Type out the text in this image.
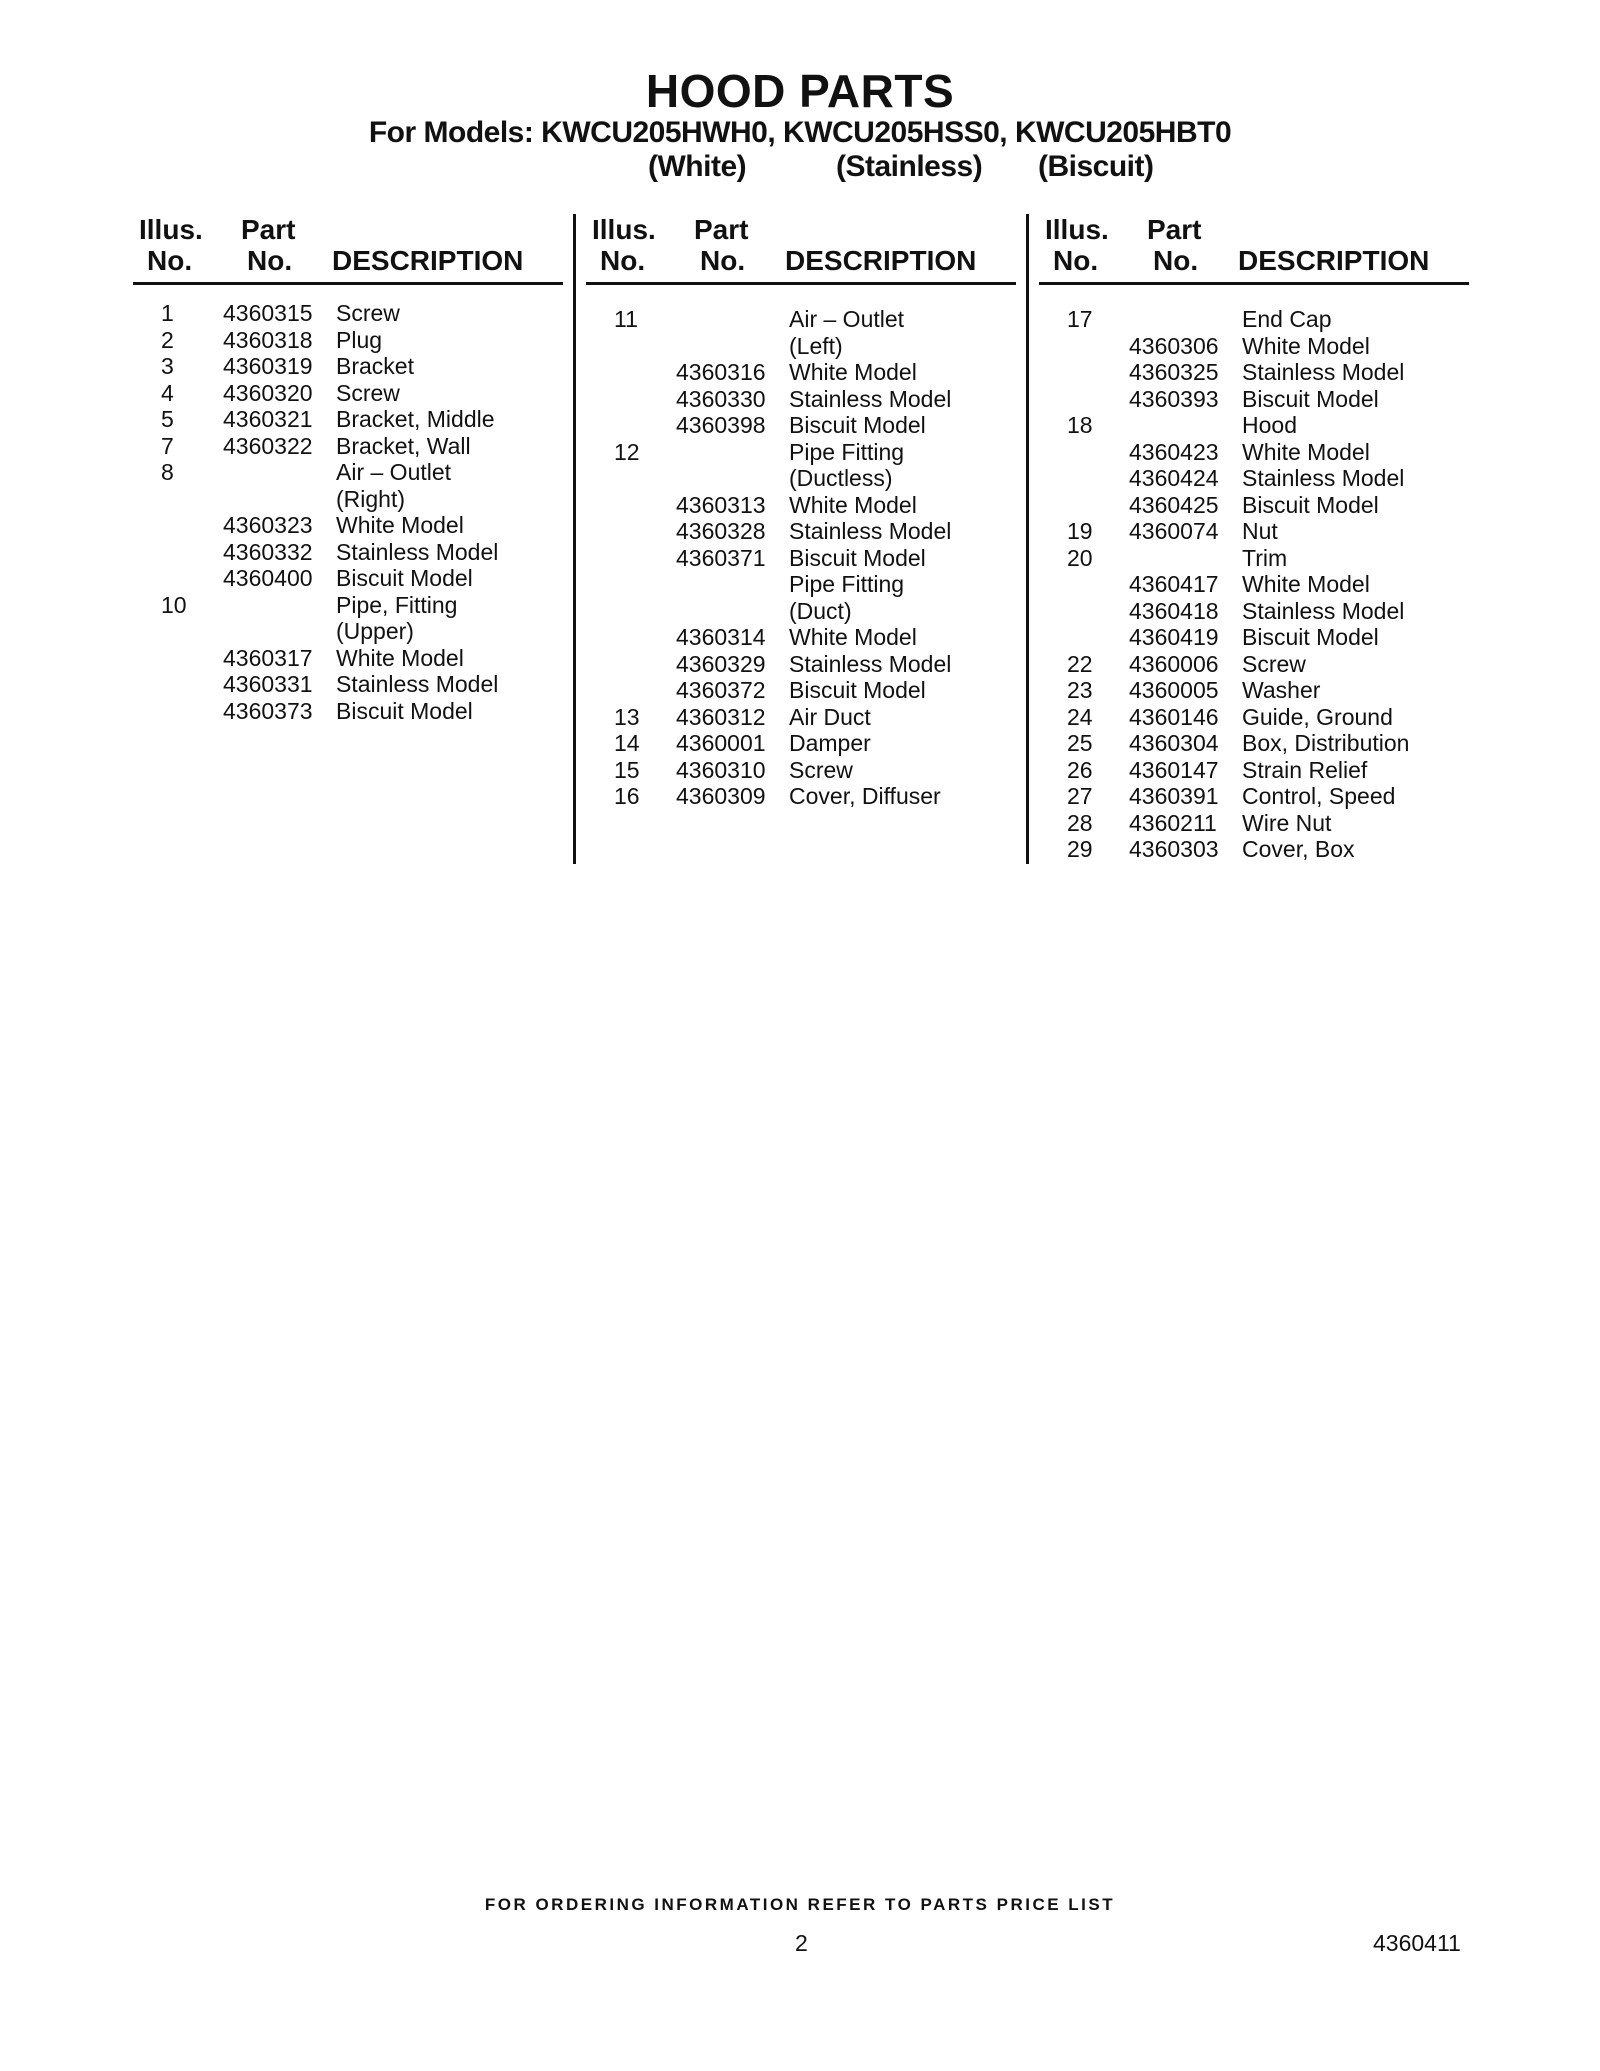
HOOD PARTS
For Models: KWCU205HWH0, KWCU205HSS0, KWCU205HBT0
(White)	(Stainless) (Biscuit)
Illus.
No.
Part
No. DESCRIPTION
1 4360315 Screw
2 4360318 Plug
3 4360319 Bracket
4 4360320 Screw
5 4360321 Bracket, Middle
7 4360322 Bracket, Wall
8	Air – Outlet
(Right)
4360323 White Model
4360332 Stainless Model
4360400 Biscuit Model
10	Pipe, Fitting
(Upper)
4360317 White Model
4360331 Stainless Model
4360373 Biscuit Model
Illus.
No.
Part
No. DESCRIPTION
11	Air – Outlet
(Left)
4360316 White Model
4360330 Stainless Model
4360398 Biscuit Model
12	Pipe Fitting
(Ductless)
4360313 White Model
4360328 Stainless Model
4360371 Biscuit Model
Pipe Fitting
(Duct)
4360314 White Model
4360329 Stainless Model
4360372 Biscuit Model
13 4360312 Air Duct
14 4360001 Damper
15 4360310 Screw
16 4360309 Cover, Diffuser
Illus.
No.
Part
No. DESCRIPTION
17	End Cap
4360306 White Model
4360325 Stainless Model
4360393 Biscuit Model
18	Hood
4360423 White Model
4360424 Stainless Model
4360425 Biscuit Model
19 4360074 Nut
20	Trim
4360417 White Model
4360418 Stainless Model
4360419 Biscuit Model
22 4360006 Screw
23 4360005 Washer
24 4360146 Guide, Ground
25 4360304 Box, Distribution
26 4360147 Strain Relief
27 4360391 Control, Speed
28 4360211 Wire Nut
29 4360303 Cover, Box
FOR ORDERING INFORMATION REFER TO PARTS PRICE LIST
2	4360411
